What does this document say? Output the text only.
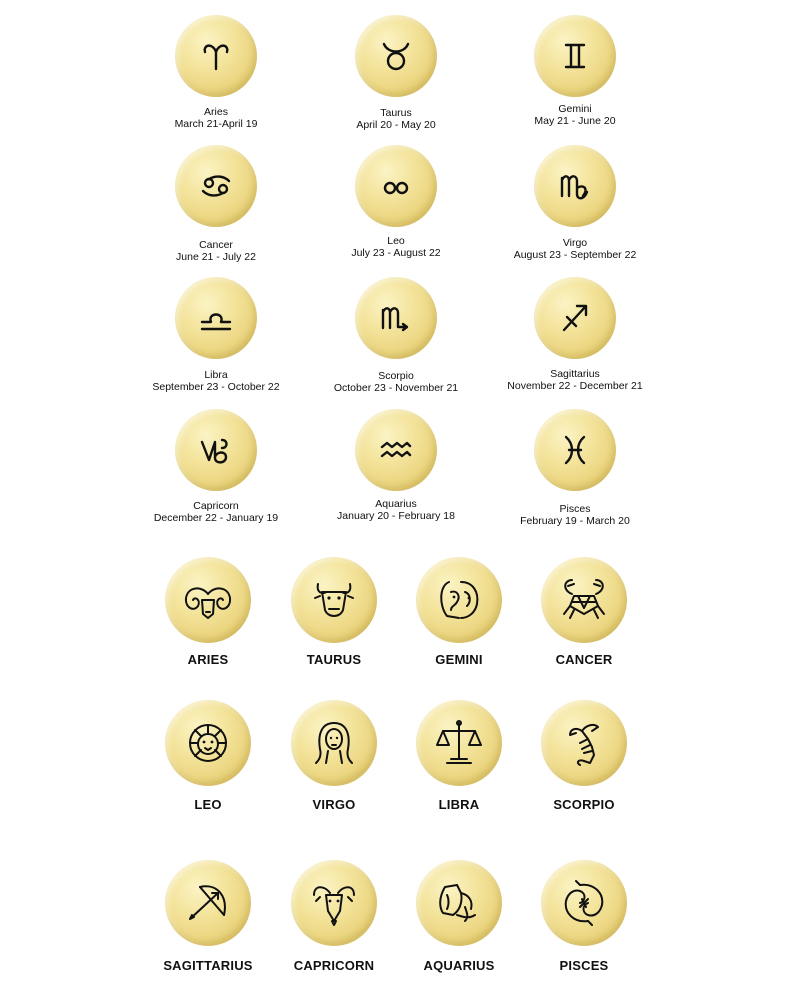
Aries
March 21-April 19
Taurus
April 20 - May 20
Gemini
May 21 - June 20
Cancer
June 21 - July 22
Leo
July 23 - August 22
Virgo
August 23 - September 22
Libra
September 23 - October 22
Scorpio
October 23 - November 21
Sagittarius
November 22 - December 21
Capricorn
December 22 - January 19
Aquarius
January 20 - February 18
Pisces
February 19 - March 20
ARIES	TAURUS	GEMINI	CANCER
LEO	VIRGO	LIBRA	SCORPIO
SAGITTARIUS	CAPRICORN	AQUARIUS	PISCES
